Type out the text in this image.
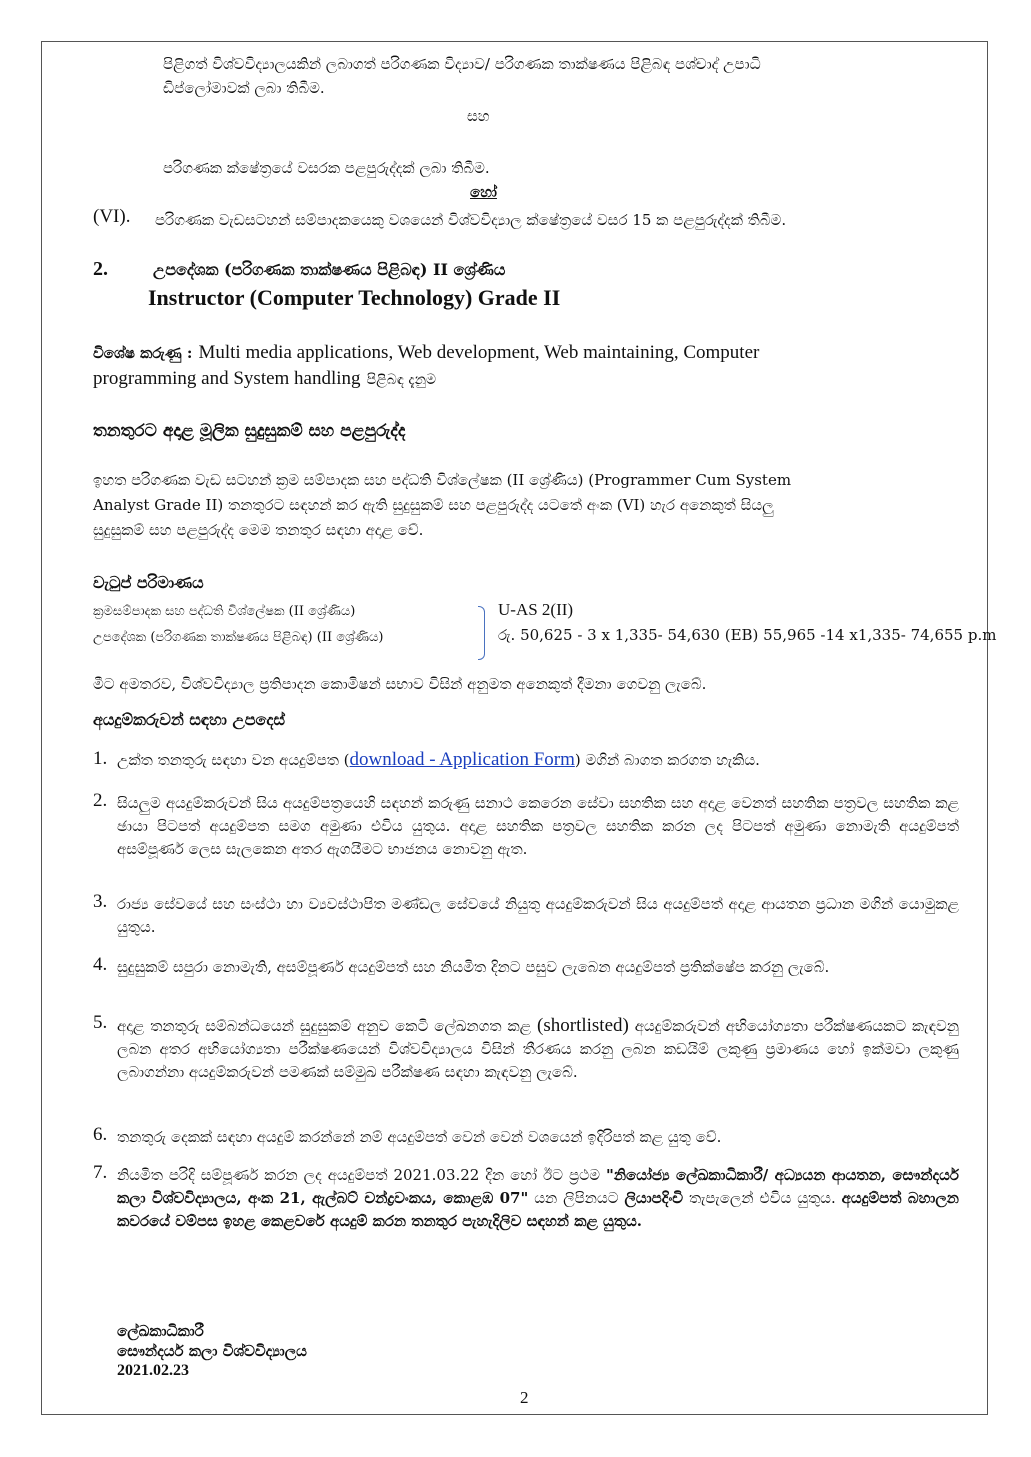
පිළිගත් විශ්වවිද්‍යාලයකින් ලබාගත් පරිගණක විද්‍යාව/ පරිගණක තාක්ෂණය පිළිබඳ පශ්චාද් උපාධි
ඩිප්ලෝමාවක් ලබා තිබීම.
සහ
පරිගණක ක්ෂේත්‍රයේ වසරක පළපුරුද්දක් ලබා තිබීම.
හෝ
(VI). පරිගණක වැඩසටහන් සම්පාදකයෙකු වශයෙන් විශ්වවිද්‍යාල ක්ෂේත්‍රයේ වසර 15 ක පළපුරුද්දක් තිබීම.
2.	උපදේශක (පරිගණක තාක්ෂණය පිළිබඳ) II ශ්‍රේණිය
Instructor (Computer Technology) Grade II
විශේෂ කරුණු : Multi media applications, Web development, Web maintaining, Computer
programming and System handling පිළිබඳ දැනුම
තනතුරට අදාළ මූලික සුදුසුකම් සහ පළපුරුද්ද
ඉහත පරිගණක වැඩ සටහන් ක්‍රම සම්පාදක සහ පද්ධති විශ්ලේෂක (II ශ්‍රේණිය) (Programmer Cum System
Analyst Grade II) තනතුරට සඳහන් කර ඇති සුදුසුකම් සහ පළපුරුද්ද යටතේ අංක (VI) හැර අනෙකුත් සියලු
සුදුසුකම් සහ පළපුරුද්ද මෙම තනතුර සඳහා අදාළ වේ.
වැටුප් පරිමාණය
ක්‍රමසම්පාදක සහ පද්ධති විශ්ලේෂක (II ශ්‍රේණිය)
උපදේශක (පරිගණක තාක්ෂණය පිළිබඳ) (II ශ්‍රේණිය)
U-AS 2(II)
රු. 50,625 - 3 x 1,335- 54,630 (EB) 55,965 -14 x1,335- 74,655 p.m
මීට අමතරව, විශ්වවිද්‍යාල ප්‍රතිපාදන කොමිෂන් සභාව විසින් අනුමත අනෙකුත් දීමනා ගෙවනු ලැබේ.
අයදුම්කරුවන් සඳහා උපදෙස්
1. උක්ත තනතුරු සඳහා වන අයදුම්පත (download - Application Form) මගින් බාගත කරගත හැකිය.
2. සියලුම අයදුම්කරුවන් සිය අයදුම්පත්‍රයෙහි සඳහන් කරුණු සනාථ කෙරෙන සේවා සහතික සහ අදාළ වෙනත් සහතික පත්‍රවල සහතික කළ ඡායා පිටපත් අයදුම්පත සමග අමුණා එවිය යුතුය. අදාළ සහතික පත්‍රවල සහතික කරන ලද පිටපත් අමුණා නොමැති අයදුම්පත් අසම්පූර්ණ ලෙස සැලකෙන අතර ඇගයීමට භාජනය නොවනු ඇත.
3. රාජ්‍ය සේවයේ සහ සංස්ථා හා ව්‍යවස්ථාපිත මණ්ඩල සේවයේ නියුතු අයදුම්කරුවන් සිය අයදුම්පත් අදාළ ආයතන ප්‍රධාන මගින් යොමුකළ යුතුය.
4. සුදුසුකම් සපුරා නොමැති, අසම්පූර්ණ අයදුම්පත් සහ නියමිත දිනට පසුව ලැබෙන අයදුම්පත් ප්‍රතික්ෂේප කරනු ලැබේ.
5. අදාළ තනතුරු සම්බන්ධයෙන් සුදුසුකම් අනුව කෙටි ලේඛනගත කළ (shortlisted) අයදුම්කරුවන් අභියෝග්‍යතා පරීක්ෂණයකට කැඳවනු ලබන අතර අභියෝග්‍යතා පරීක්ෂණයෙන් විශ්වවිද්‍යාලය විසින් තීරණය කරනු ලබන කඩයිම් ලකුණු ප්‍රමාණය හෝ ඉක්මවා ලකුණු ලබාගන්නා අයදුම්කරුවන් පමණක් සම්මුඛ පරීක්ෂණ සඳහා කැඳවනු ලැබේ.
6. තනතුරු දෙකක් සඳහා අයදුම් කරන්නේ නම් අයදුම්පත් වෙන් වෙන් වශයෙන් ඉදිරිපත් කළ යුතු වේ.
7. නියමිත පරිදි සම්පූර්ණ කරන ලද අයදුම්පත් 2021.03.22 දින හෝ ඊට ප්‍රථම "නියෝජ්‍ය ලේඛකාධිකාරී/ අධ්‍යයන ආයතන, සෞන්දර්ය කලා විශ්වවිද්‍යාලය, අංක 21, ඇල්බට් චන්ද්‍රවංකය, කොළඹ 07" යන ලිපිනයට ලියාපදිංචි තැපැලෙන් එවිය යුතුය. අයදුම්පත් බහාලන කවරයේ වම්පස ඉහළ කෙළවරේ අයදුම් කරන තනතුර පැහැදිලිව සඳහන් කළ යුතුය.
ලේඛකාධිකාරී
සෞන්දර්ය කලා විශ්වවිද්‍යාලය
2021.02.23
2
